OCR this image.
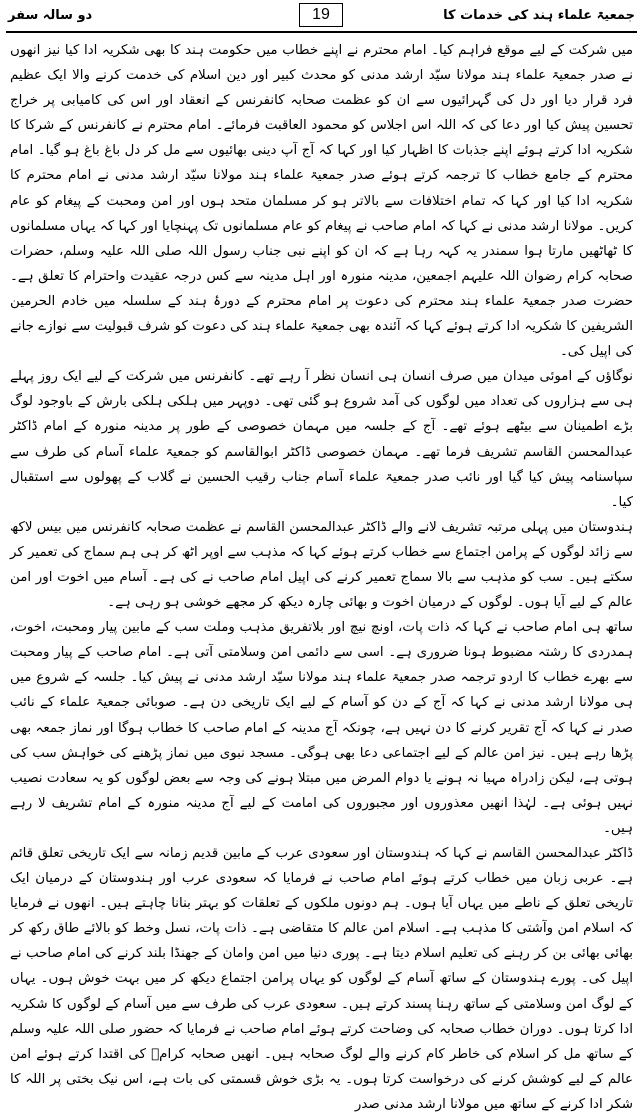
دو سالہ سفر	جمعیۃ علماء ہند کی خدمات کا
19

میں شرکت کے لیے موقع فراہم کیا۔ امام محترم نے اپنے خطاب میں حکومت ہند کا بھی شکریہ ادا کیا نیز انھوں نے صدر جمعیۃ علماء ہند مولانا سیّد ارشد مدنی کو محدث کبیر اور دین اسلام کی خدمت کرنے والا ایک عظیم فرد قرار دیا اور دل کی گہرائیوں سے ان کو عظمت صحابہ کانفرنس کے انعقاد اور اس کی کامیابی پر خراج تحسین پیش کیا اور دعا کی کہ اللہ اس اجلاس کو محمود العاقبت فرمائے۔ امام محترم نے کانفرنس کے شرکا کا شکریہ ادا کرتے ہوئے اپنے جذبات کا اظہار کیا اور کہا کہ آج آپ دینی بھائیوں سے مل کر دل باغ باغ ہو گیا۔ امام محترم کے جامع خطاب کا ترجمہ کرتے ہوئے صدر جمعیۃ علماء ہند مولانا سیّد ارشد مدنی نے امام محترم کا شکریہ ادا کیا اور کہا کہ تمام اختلافات سے بالاتر ہو کر مسلمان متحد ہوں اور امن ومحبت کے پیغام کو عام کریں۔ مولانا ارشد مدنی نے کہا کہ امام صاحب نے پیغام کو عام مسلمانوں تک پہنچایا اور کہا کہ یہاں مسلمانوں کا ٹھاٹھیں مارتا ہوا سمندر یہ کہہ رہا ہے کہ ان کو اپنے نبی جناب رسول اللہ صلی اللہ علیہ وسلم، حضرات صحابہ کرام رضوان اللہ علیہم اجمعین، مدینہ منورہ اور اہل مدینہ سے کس درجہ عقیدت واحترام کا تعلق ہے۔ حضرت صدر جمعیۃ علماء ہند محترم کی دعوت پر امام محترم کے دورۂ ہند کے سلسلہ میں خادم الحرمین الشریفین کا شکریہ ادا کرتے ہوئے کہا کہ آئندہ بھی جمعیۃ علماء ہند کی دعوت کو شرف قبولیت سے نوازے جانے کی اپیل کی۔

نوگاؤں کے اموئی میدان میں صرف انسان ہی انسان نظر آ رہے تھے۔ کانفرنس میں شرکت کے لیے ایک روز پہلے ہی سے ہزاروں کی تعداد میں لوگوں کی آمد شروع ہو گئی تھی۔ دوپہر میں ہلکی ہلکی بارش کے باوجود لوگ بڑے اطمینان سے بیٹھے ہوئے تھے۔ آج کے جلسہ میں مہمان خصوصی کے طور پر مدینہ منورہ کے امام ڈاکٹر عبدالمحسن القاسم تشریف فرما تھے۔ مہمان خصوصی ڈاکٹر ابوالقاسم کو جمعیۃ علماء آسام کی طرف سے سپاسنامہ پیش کیا گیا اور نائب صدر جمعیۃ علماء آسام جناب رقیب الحسین نے گلاب کے پھولوں سے استقبال کیا۔

ہندوستان میں پہلی مرتبہ تشریف لانے والے ڈاکٹر عبدالمحسن القاسم نے عظمت صحابہ کانفرنس میں بیس لاکھ سے زائد لوگوں کے پرامن اجتماع سے خطاب کرتے ہوئے کہا کہ مذہب سے اوپر اٹھ کر ہی ہم سماج کی تعمیر کر سکتے ہیں۔ سب کو مذہب سے بالا سماج تعمیر کرنے کی اپیل امام صاحب نے کی ہے۔ آسام میں اخوت اور امن عالم کے لیے آیا ہوں۔ لوگوں کے درمیان اخوت و بھائی چارہ دیکھ کر مجھے خوشی ہو رہی ہے۔

ساتھ ہی امام صاحب نے کہا کہ ذات پات، اونچ نیچ اور بلاتفریق مذہب وملت سب کے مابین پیار ومحبت، اخوت، ہمدردی کا رشتہ مضبوط ہونا ضروری ہے۔ اسی سے دائمی امن وسلامتی آتی ہے۔ امام صاحب کے پیار ومحبت سے بھرے خطاب کا اردو ترجمہ صدر جمعیۃ علماء ہند مولانا سیّد ارشد مدنی نے پیش کیا۔ جلسہ کے شروع میں ہی مولانا ارشد مدنی نے کہا کہ آج کے دن کو آسام کے لیے ایک تاریخی دن ہے۔ صوبائی جمعیۃ علماء کے نائب صدر نے کہا کہ آج تقریر کرنے کا دن نہیں ہے، چونکہ آج مدینہ کے امام صاحب کا خطاب ہوگا اور نماز جمعہ بھی پڑھا رہے ہیں۔ نیز امن عالم کے لیے اجتماعی دعا بھی ہوگی۔ مسجد نبوی میں نماز پڑھنے کی خواہش سب کی ہوتی ہے، لیکن زادراہ مہیا نہ ہونے یا دوام المرض میں مبتلا ہونے کی وجہ سے بعض لوگوں کو یہ سعادت نصیب نہیں ہوئی ہے۔ لہٰذا انھیں معذوروں اور مجبوروں کی امامت کے لیے آج مدینہ منورہ کے امام تشریف لا رہے ہیں۔

ڈاکٹر عبدالمحسن القاسم نے کہا کہ ہندوستان اور سعودی عرب کے مابین قدیم زمانہ سے ایک تاریخی تعلق قائم ہے۔ عربی زبان میں خطاب کرتے ہوئے امام صاحب نے فرمایا کہ سعودی عرب اور ہندوستان کے درمیان ایک تاریخی تعلق کے ناطے میں یہاں آیا ہوں۔ ہم دونوں ملکوں کے تعلقات کو بہتر بنانا چاہتے ہیں۔ انھوں نے فرمایا کہ اسلام امن وآشتی کا مذہب ہے۔ اسلام امن عالم کا متقاضی ہے۔ ذات پات، نسل وخط کو بالائے طاق رکھ کر بھائی بھائی بن کر رہنے کی تعلیم اسلام دیتا ہے۔ پوری دنیا میں امن وامان کے جھنڈا بلند کرنے کی امام صاحب نے اپیل کی۔ پورے ہندوستان کے ساتھ آسام کے لوگوں کو یہاں پرامن اجتماع دیکھ کر میں بہت خوش ہوں۔ یہاں کے لوگ امن وسلامتی کے ساتھ رہنا پسند کرتے ہیں۔ سعودی عرب کی طرف سے میں آسام کے لوگوں کا شکریہ ادا کرتا ہوں۔ دوران خطاب صحابہ کی وضاحت کرتے ہوئے امام صاحب نے فرمایا کہ حضور صلی اللہ علیہ وسلم کے ساتھ مل کر اسلام کی خاطر کام کرنے والے لوگ صحابہ ہیں۔ انھیں صحابہ کرامؓ کی اقتدا کرتے ہوئے امن عالم کے لیے کوشش کرنے کی درخواست کرتا ہوں۔ یہ بڑی خوش قسمتی کی بات ہے، اس نیک بختی پر اللہ کا شکر ادا کرنے کے ساتھ میں مولانا ارشد مدنی صدر
